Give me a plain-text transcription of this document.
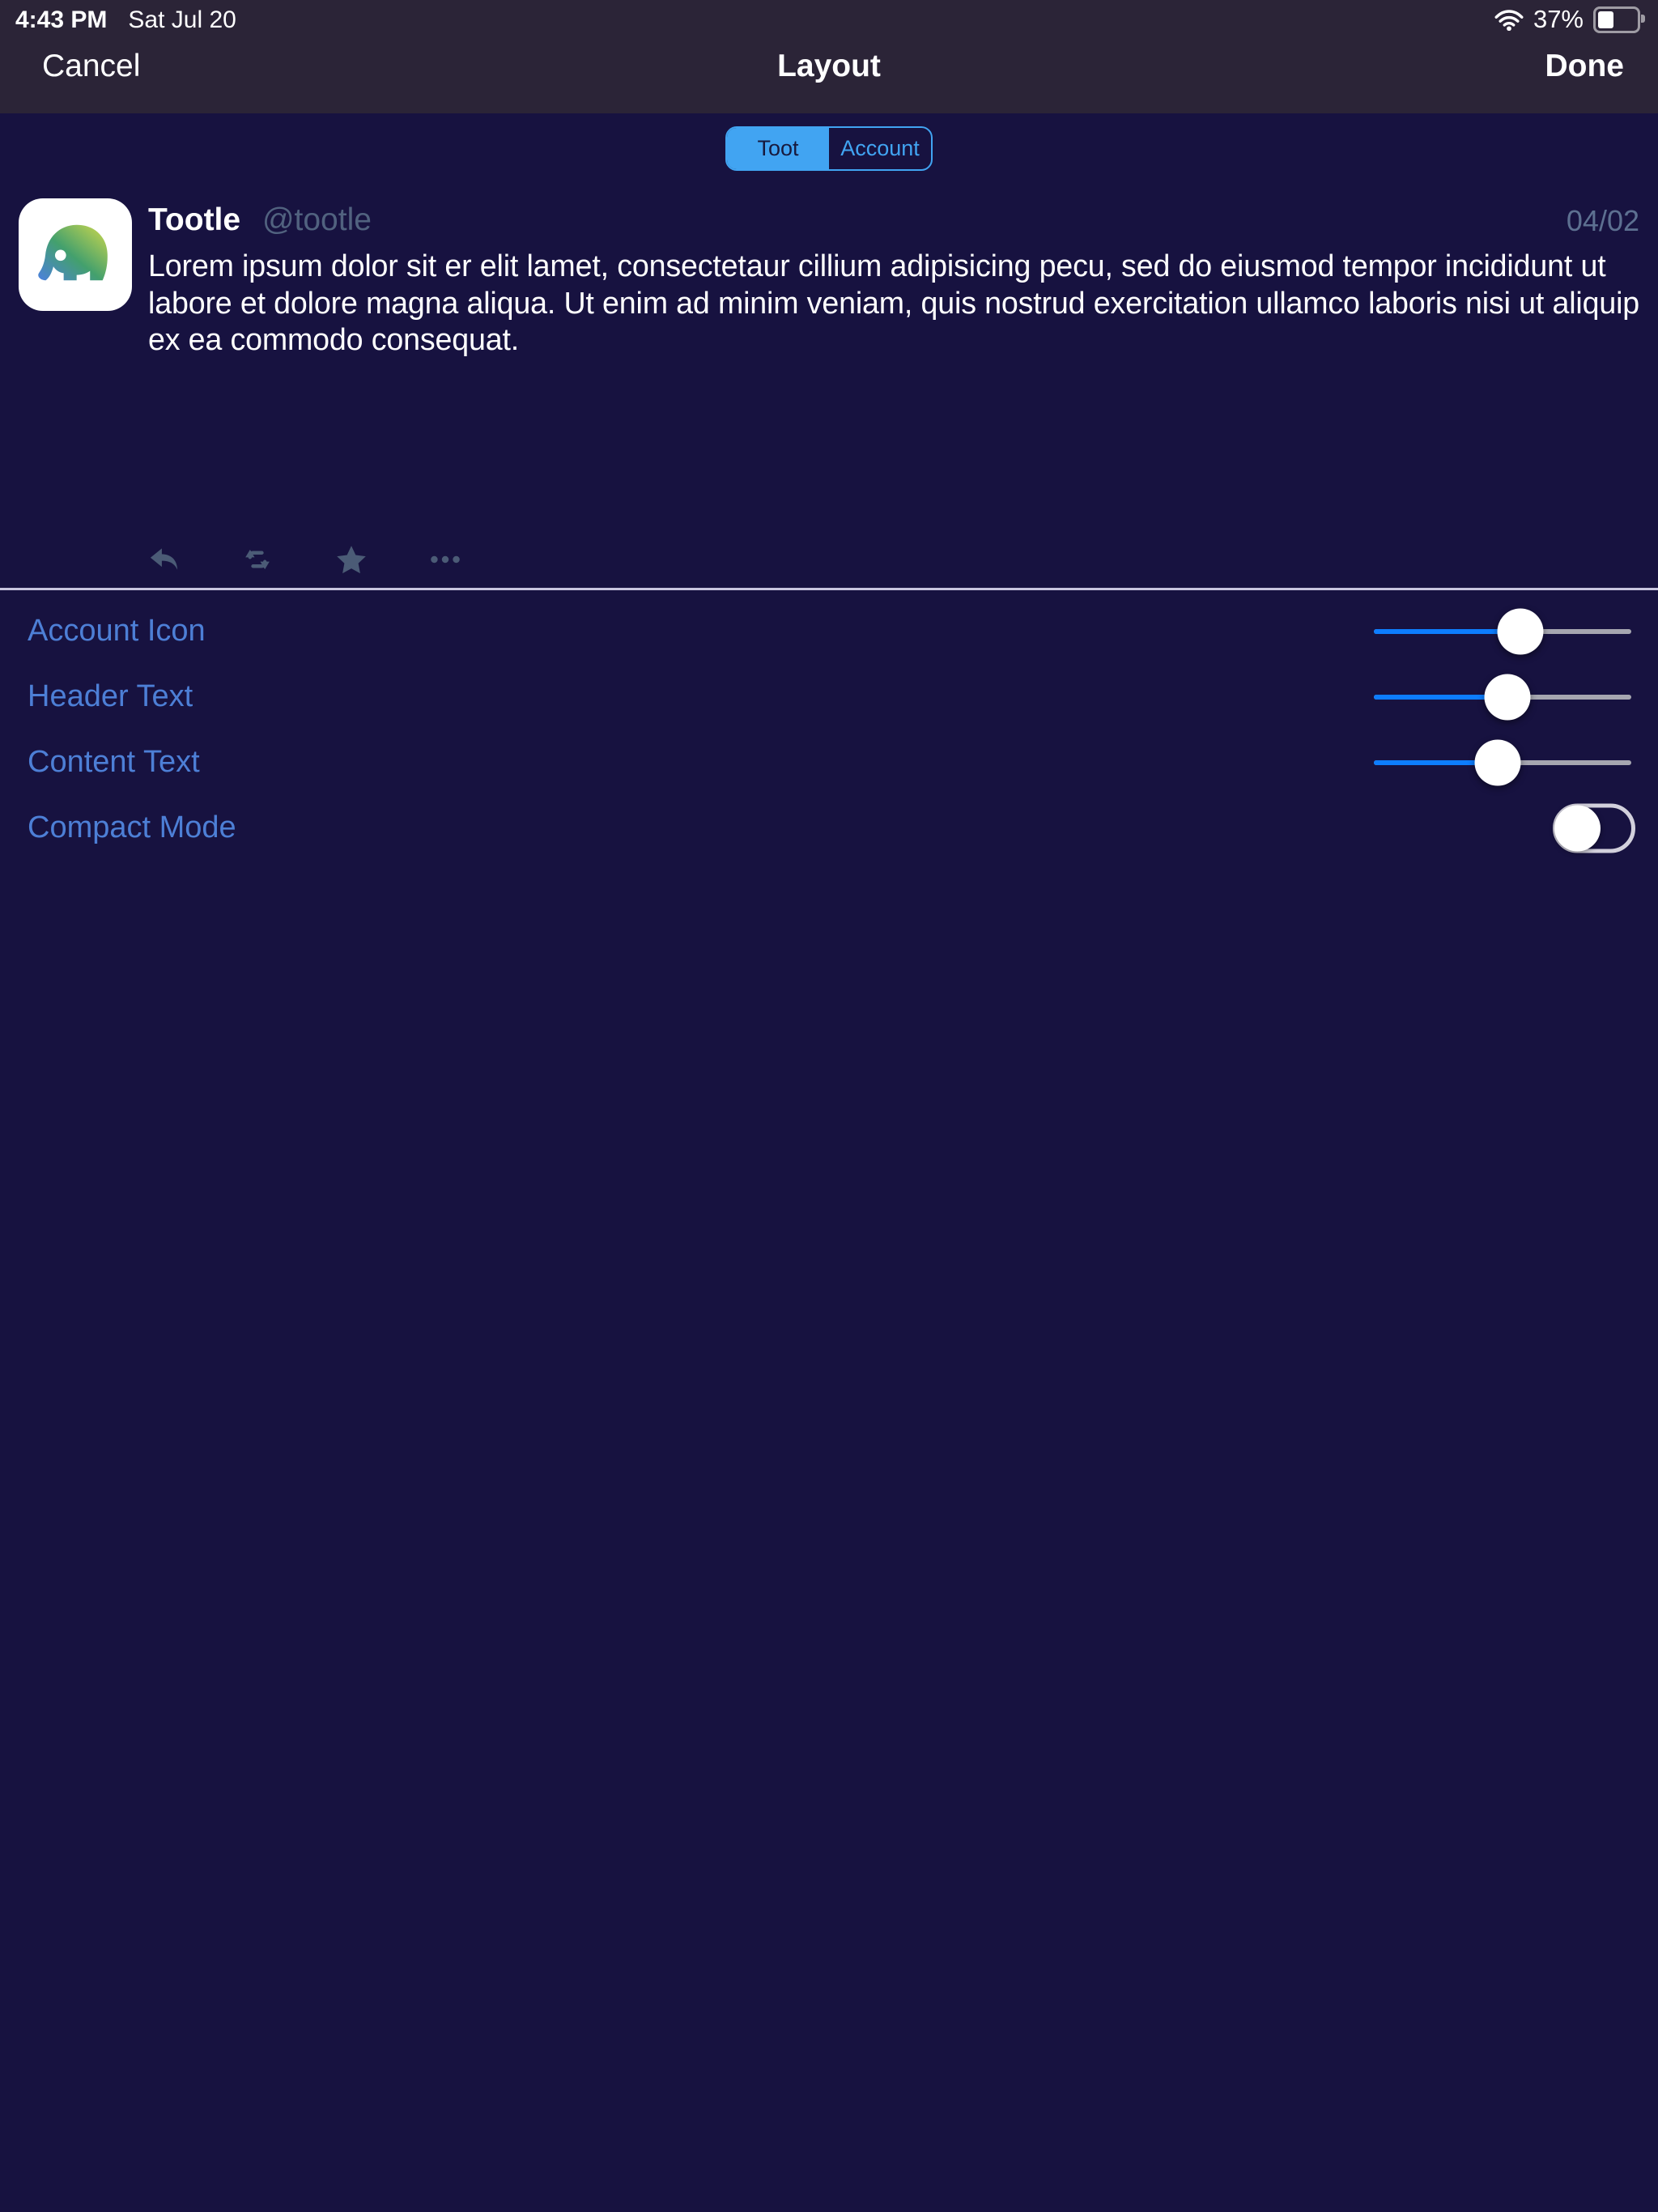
4:43 PM Sat Jul 20	37%
Cancel	Layout	Done
Toot	Account
Tootle @tootle	04/02
Lorem ipsum dolor sit er elit lamet, consectetaur cillium adipisicing pecu, sed do eiusmod tempor incididunt ut labore et dolore magna aliqua. Ut enim ad minim veniam, quis nostrud exercitation ullamco laboris nisi ut aliquip ex ea commodo consequat.
Account Icon
Header Text
Content Text
Compact Mode
